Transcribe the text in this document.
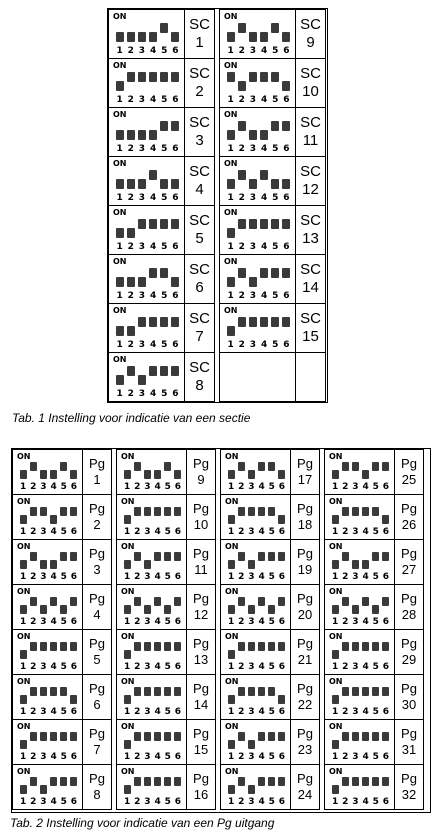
ON
1 2 3 4 5 6
SC
1
ON
1 2 3 4 5 6
SC
2
ON
1 2 3 4 5 6
SC
3
ON
1 2 3 4 5 6
SC
4
ON
1 2 3 4 5 6
SC
5
ON
1 2 3 4 5 6
SC
6
ON
1 2 3 4 5 6
SC
7
ON
1 2 3 4 5 6
SC
8
ON
1 2 3 4 5 6
SC
9
ON
1 2 3 4 5 6
SC
10
ON
1 2 3 4 5 6
SC
11
ON
1 2 3 4 5 6
SC
12
ON
1 2 3 4 5 6
SC
13
ON
1 2 3 4 5 6
SC
14
ON
1 2 3 4 5 6
SC
15
Tab. 1 Instelling voor indicatie van een sectie
ON
1 2 3 4 5 6
Pg
1
ON
1 2 3 4 5 6
Pg
2
ON
1 2 3 4 5 6
Pg
3
ON
1 2 3 4 5 6
Pg
4
ON
1 2 3 4 5 6
Pg
5
ON
1 2 3 4 5 6
Pg
6
ON
1 2 3 4 5 6
Pg
7
ON
1 2 3 4 5 6
Pg
8
ON
1 2 3 4 5 6
Pg
9
ON
1 2 3 4 5 6
Pg
10
ON
1 2 3 4 5 6
Pg
11
ON
1 2 3 4 5 6
Pg
12
ON
1 2 3 4 5 6
Pg
13
ON
1 2 3 4 5 6
Pg
14
ON
1 2 3 4 5 6
Pg
15
ON
1 2 3 4 5 6
Pg
16
ON
1 2 3 4 5 6
Pg
17
ON
1 2 3 4 5 6
Pg
18
ON
1 2 3 4 5 6
Pg
19
ON
1 2 3 4 5 6
Pg
20
ON
1 2 3 4 5 6
Pg
21
ON
1 2 3 4 5 6
Pg
22
ON
1 2 3 4 5 6
Pg
23
ON
1 2 3 4 5 6
Pg
24
ON
1 2 3 4 5 6
Pg
25
ON
1 2 3 4 5 6
Pg
26
ON
1 2 3 4 5 6
Pg
27
ON
1 2 3 4 5 6
Pg
28
ON
1 2 3 4 5 6
Pg
29
ON
1 2 3 4 5 6
Pg
30
ON
1 2 3 4 5 6
Pg
31
ON
1 2 3 4 5 6
Pg
32
Tab. 2 Instelling voor indicatie van een Pg uitgang
